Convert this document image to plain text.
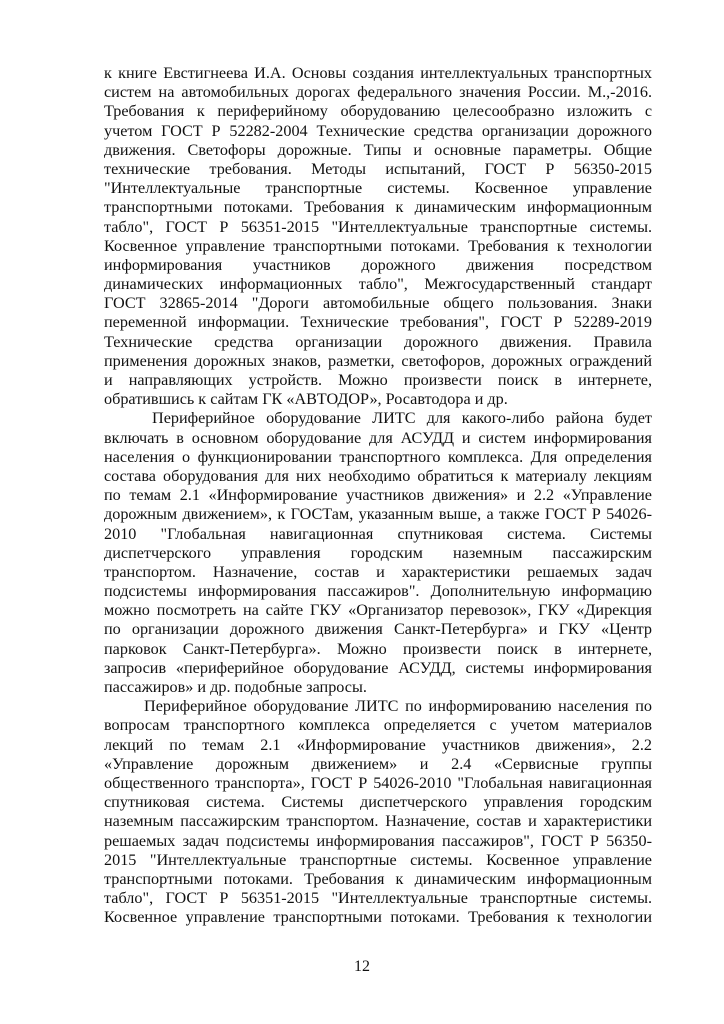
к книге Евстигнеева И.А. Основы создания интеллектуальных транспортных
систем на автомобильных дорогах федерального значения России. М.,-2016.
Требования к периферийному оборудованию целесообразно изложить с
учетом ГОСТ Р 52282-2004 Технические средства организации дорожного
движения. Светофоры дорожные. Типы и основные параметры. Общие
технические требования. Методы испытаний, ГОСТ Р 56350-2015
"Интеллектуальные транспортные системы. Косвенное управление
транспортными потоками. Требования к динамическим информационным
табло", ГОСТ Р 56351-2015 "Интеллектуальные транспортные системы.
Косвенное управление транспортными потоками. Требования к технологии
информирования участников дорожного движения посредством
динамических информационных табло", Межгосударственный стандарт
ГОСТ 32865-2014 "Дороги автомобильные общего пользования. Знаки
переменной информации. Технические требования", ГОСТ Р 52289-2019
Технические средства организации дорожного движения. Правила
применения дорожных знаков, разметки, светофоров, дорожных ограждений
и направляющих устройств. Можно произвести поиск в интернете,
обратившись к сайтам ГК «АВТОДОР», Росавтодора и др.
Периферийное оборудование ЛИТС для какого-либо района будет
включать в основном оборудование для АСУДД и систем информирования
населения о функционировании транспортного комплекса. Для определения
состава оборудования для них необходимо обратиться к материалу лекциям
по темам 2.1 «Информирование участников движения» и 2.2 «Управление
дорожным движением», к ГОСТам, указанным выше, а также ГОСТ Р 54026-
2010 "Глобальная навигационная спутниковая система. Системы
диспетчерского управления городским наземным пассажирским
транспортом. Назначение, состав и характеристики решаемых задач
подсистемы информирования пассажиров". Дополнительную информацию
можно посмотреть на сайте ГКУ «Организатор перевозок», ГКУ «Дирекция
по организации дорожного движения Санкт-Петербурга» и ГКУ «Центр
парковок Санкт-Петербурга». Можно произвести поиск в интернете,
запросив «периферийное оборудование АСУДД, системы информирования
пассажиров» и др. подобные запросы.
Периферийное оборудование ЛИТС по информированию населения по
вопросам транспортного комплекса определяется с учетом материалов
лекций по темам 2.1 «Информирование участников движения», 2.2
«Управление дорожным движением» и 2.4 «Сервисные группы
общественного транспорта», ГОСТ Р 54026-2010 "Глобальная навигационная
спутниковая система. Системы диспетчерского управления городским
наземным пассажирским транспортом. Назначение, состав и характеристики
решаемых задач подсистемы информирования пассажиров", ГОСТ Р 56350-
2015 "Интеллектуальные транспортные системы. Косвенное управление
транспортными потоками. Требования к динамическим информационным
табло", ГОСТ Р 56351-2015 "Интеллектуальные транспортные системы.
Косвенное управление транспортными потоками. Требования к технологии
12
